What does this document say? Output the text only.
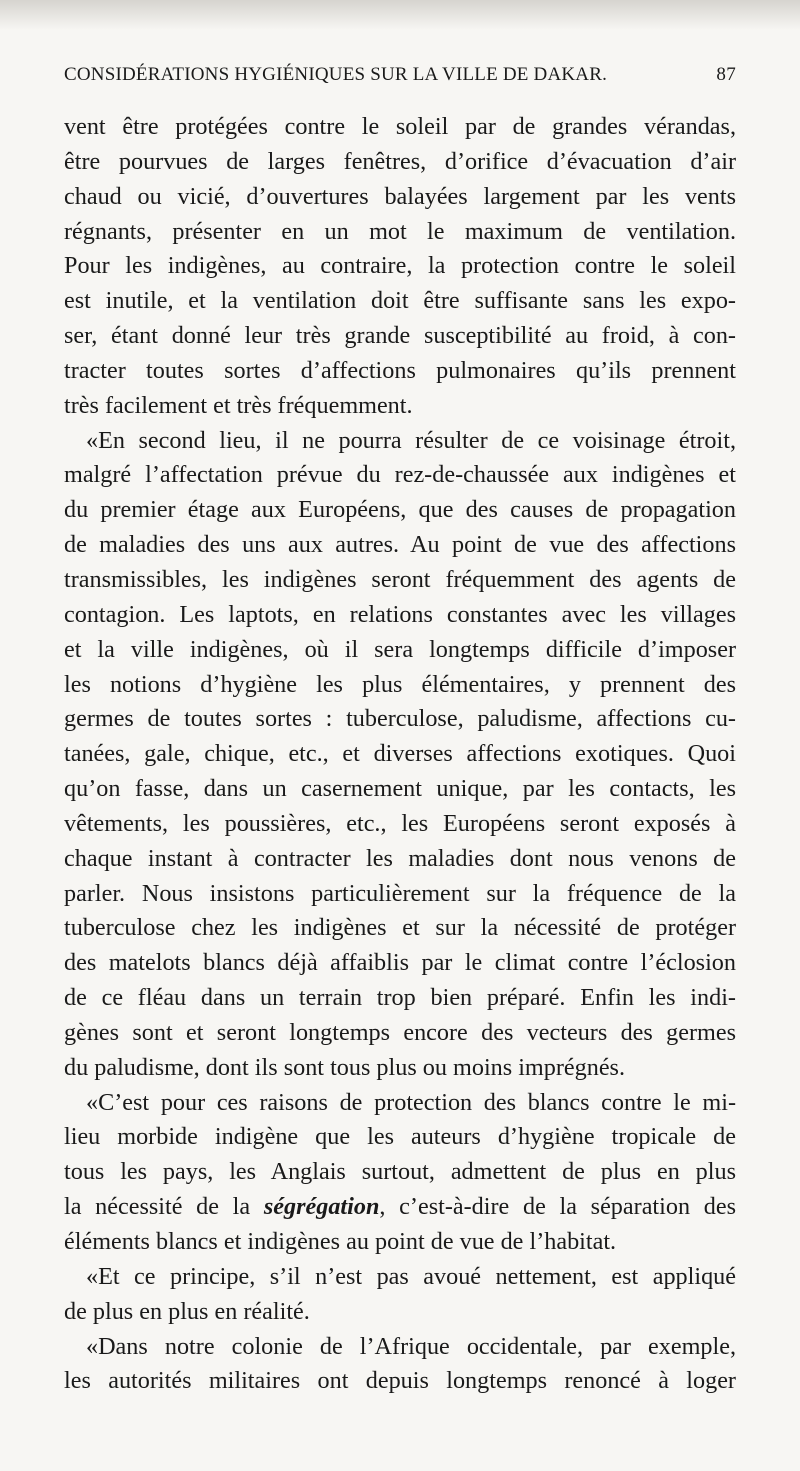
CONSIDÉRATIONS HYGIÉNIQUES SUR LA VILLE DE DAKAR.	87
vent être protégées contre le soleil par de grandes vérandas,
être pourvues de larges fenêtres, d’orifice d’évacuation d’air
chaud ou vicié, d’ouvertures balayées largement par les vents
régnants, présenter en un mot le maximum de ventilation.
Pour les indigènes, au contraire, la protection contre le soleil
est inutile, et la ventilation doit être suffisante sans les expo-
ser, étant donné leur très grande susceptibilité au froid, à con-
tracter toutes sortes d’affections pulmonaires qu’ils prennent
très facilement et très fréquemment.
«En second lieu, il ne pourra résulter de ce voisinage étroit,
malgré l’affectation prévue du rez-de-chaussée aux indigènes et
du premier étage aux Européens, que des causes de propagation
de maladies des uns aux autres. Au point de vue des affections
transmissibles, les indigènes seront fréquemment des agents de
contagion. Les laptots, en relations constantes avec les villages
et la ville indigènes, où il sera longtemps difficile d’imposer
les notions d’hygiène les plus élémentaires, y prennent des
germes de toutes sortes : tuberculose, paludisme, affections cu-
tanées, gale, chique, etc., et diverses affections exotiques. Quoi
qu’on fasse, dans un casernement unique, par les contacts, les
vêtements, les poussières, etc., les Européens seront exposés à
chaque instant à contracter les maladies dont nous venons de
parler. Nous insistons particulièrement sur la fréquence de la
tuberculose chez les indigènes et sur la nécessité de protéger
des matelots blancs déjà affaiblis par le climat contre l’éclosion
de ce fléau dans un terrain trop bien préparé. Enfin les indi-
gènes sont et seront longtemps encore des vecteurs des germes
du paludisme, dont ils sont tous plus ou moins imprégnés.
«C’est pour ces raisons de protection des blancs contre le mi-
lieu morbide indigène que les auteurs d’hygiène tropicale de
tous les pays, les Anglais surtout, admettent de plus en plus
la nécessité de la ségrégation, c’est-à-dire de la séparation des
éléments blancs et indigènes au point de vue de l’habitat.
«Et ce principe, s’il n’est pas avoué nettement, est appliqué
de plus en plus en réalité.
«Dans notre colonie de l’Afrique occidentale, par exemple,
les autorités militaires ont depuis longtemps renoncé à loger
